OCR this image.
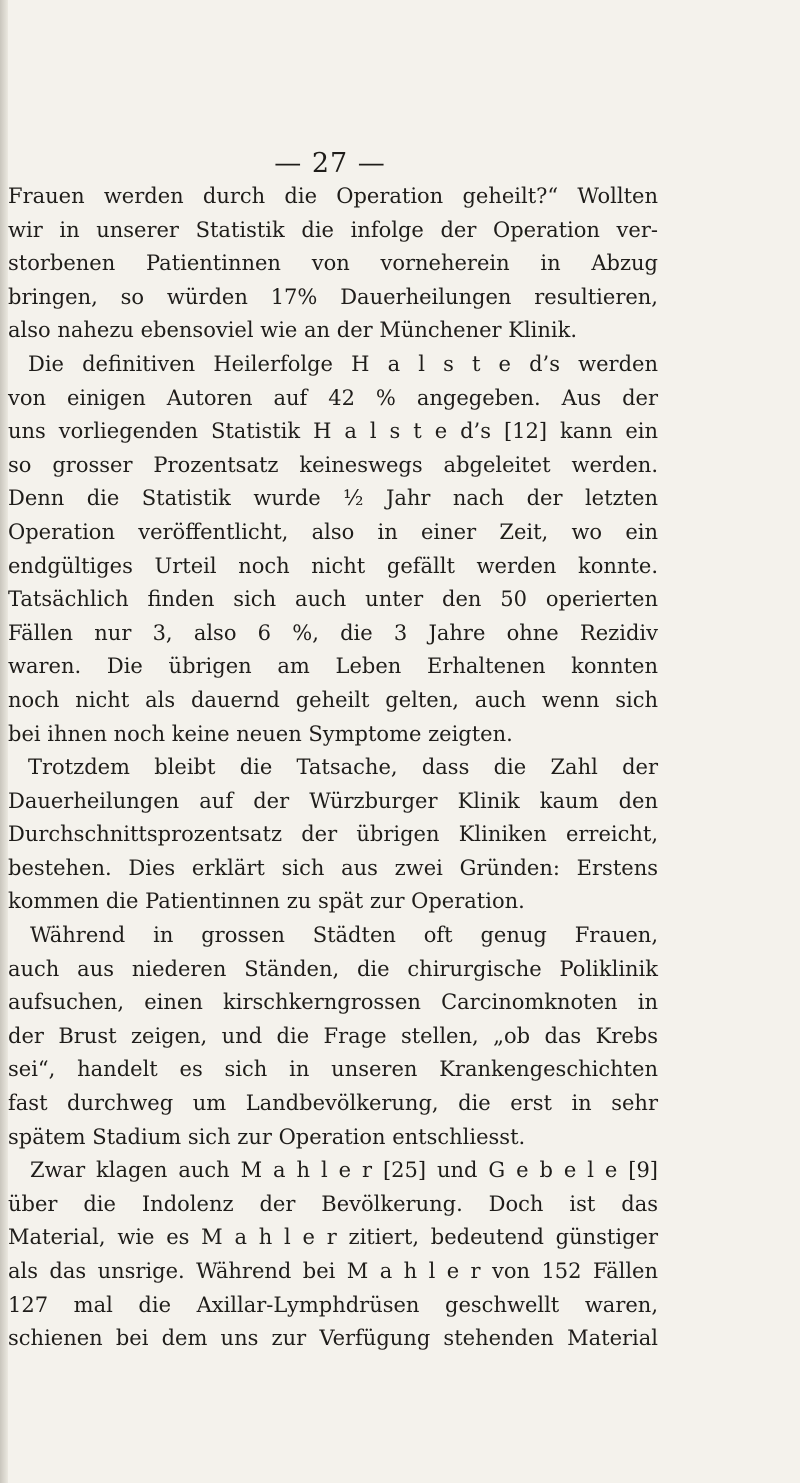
— 27 —
Frauen werden durch die Operation geheilt?“ Wollten
wir in unserer Statistik die infolge der Operation ver-
storbenen Patientinnen von vorneherein in Abzug
bringen, so würden 17% Dauerheilungen resultieren,
also nahezu ebensoviel wie an der Münchener Klinik.
Die definitiven Heilerfolge H a l s t e d’s werden
von einigen Autoren auf 42 % angegeben. Aus der
uns vorliegenden Statistik H a l s t e d’s [12] kann ein
so grosser Prozentsatz keineswegs abgeleitet werden.
Denn die Statistik wurde ½ Jahr nach der letzten
Operation veröffentlicht, also in einer Zeit, wo ein
endgültiges Urteil noch nicht gefällt werden konnte.
Tatsächlich finden sich auch unter den 50 operierten
Fällen nur 3, also 6 %, die 3 Jahre ohne Rezidiv
waren. Die übrigen am Leben Erhaltenen konnten
noch nicht als dauernd geheilt gelten, auch wenn sich
bei ihnen noch keine neuen Symptome zeigten.
Trotzdem bleibt die Tatsache, dass die Zahl der
Dauerheilungen auf der Würzburger Klinik kaum den
Durchschnittsprozentsatz der übrigen Kliniken erreicht,
bestehen. Dies erklärt sich aus zwei Gründen: Erstens
kommen die Patientinnen zu spät zur Operation.
Während in grossen Städten oft genug Frauen,
auch aus niederen Ständen, die chirurgische Poliklinik
aufsuchen, einen kirschkerngrossen Carcinomknoten in
der Brust zeigen, und die Frage stellen, „ob das Krebs
sei“, handelt es sich in unseren Krankengeschichten
fast durchweg um Landbevölkerung, die erst in sehr
spätem Stadium sich zur Operation entschliesst.
Zwar klagen auch M a h l e r [25] und G e b e l e [9]
über die Indolenz der Bevölkerung. Doch ist das
Material, wie es M a h l e r zitiert, bedeutend günstiger
als das unsrige. Während bei M a h l e r von 152 Fällen
127 mal die Axillar-Lymphdrüsen geschwellt waren,
schienen bei dem uns zur Verfügung stehenden Material
